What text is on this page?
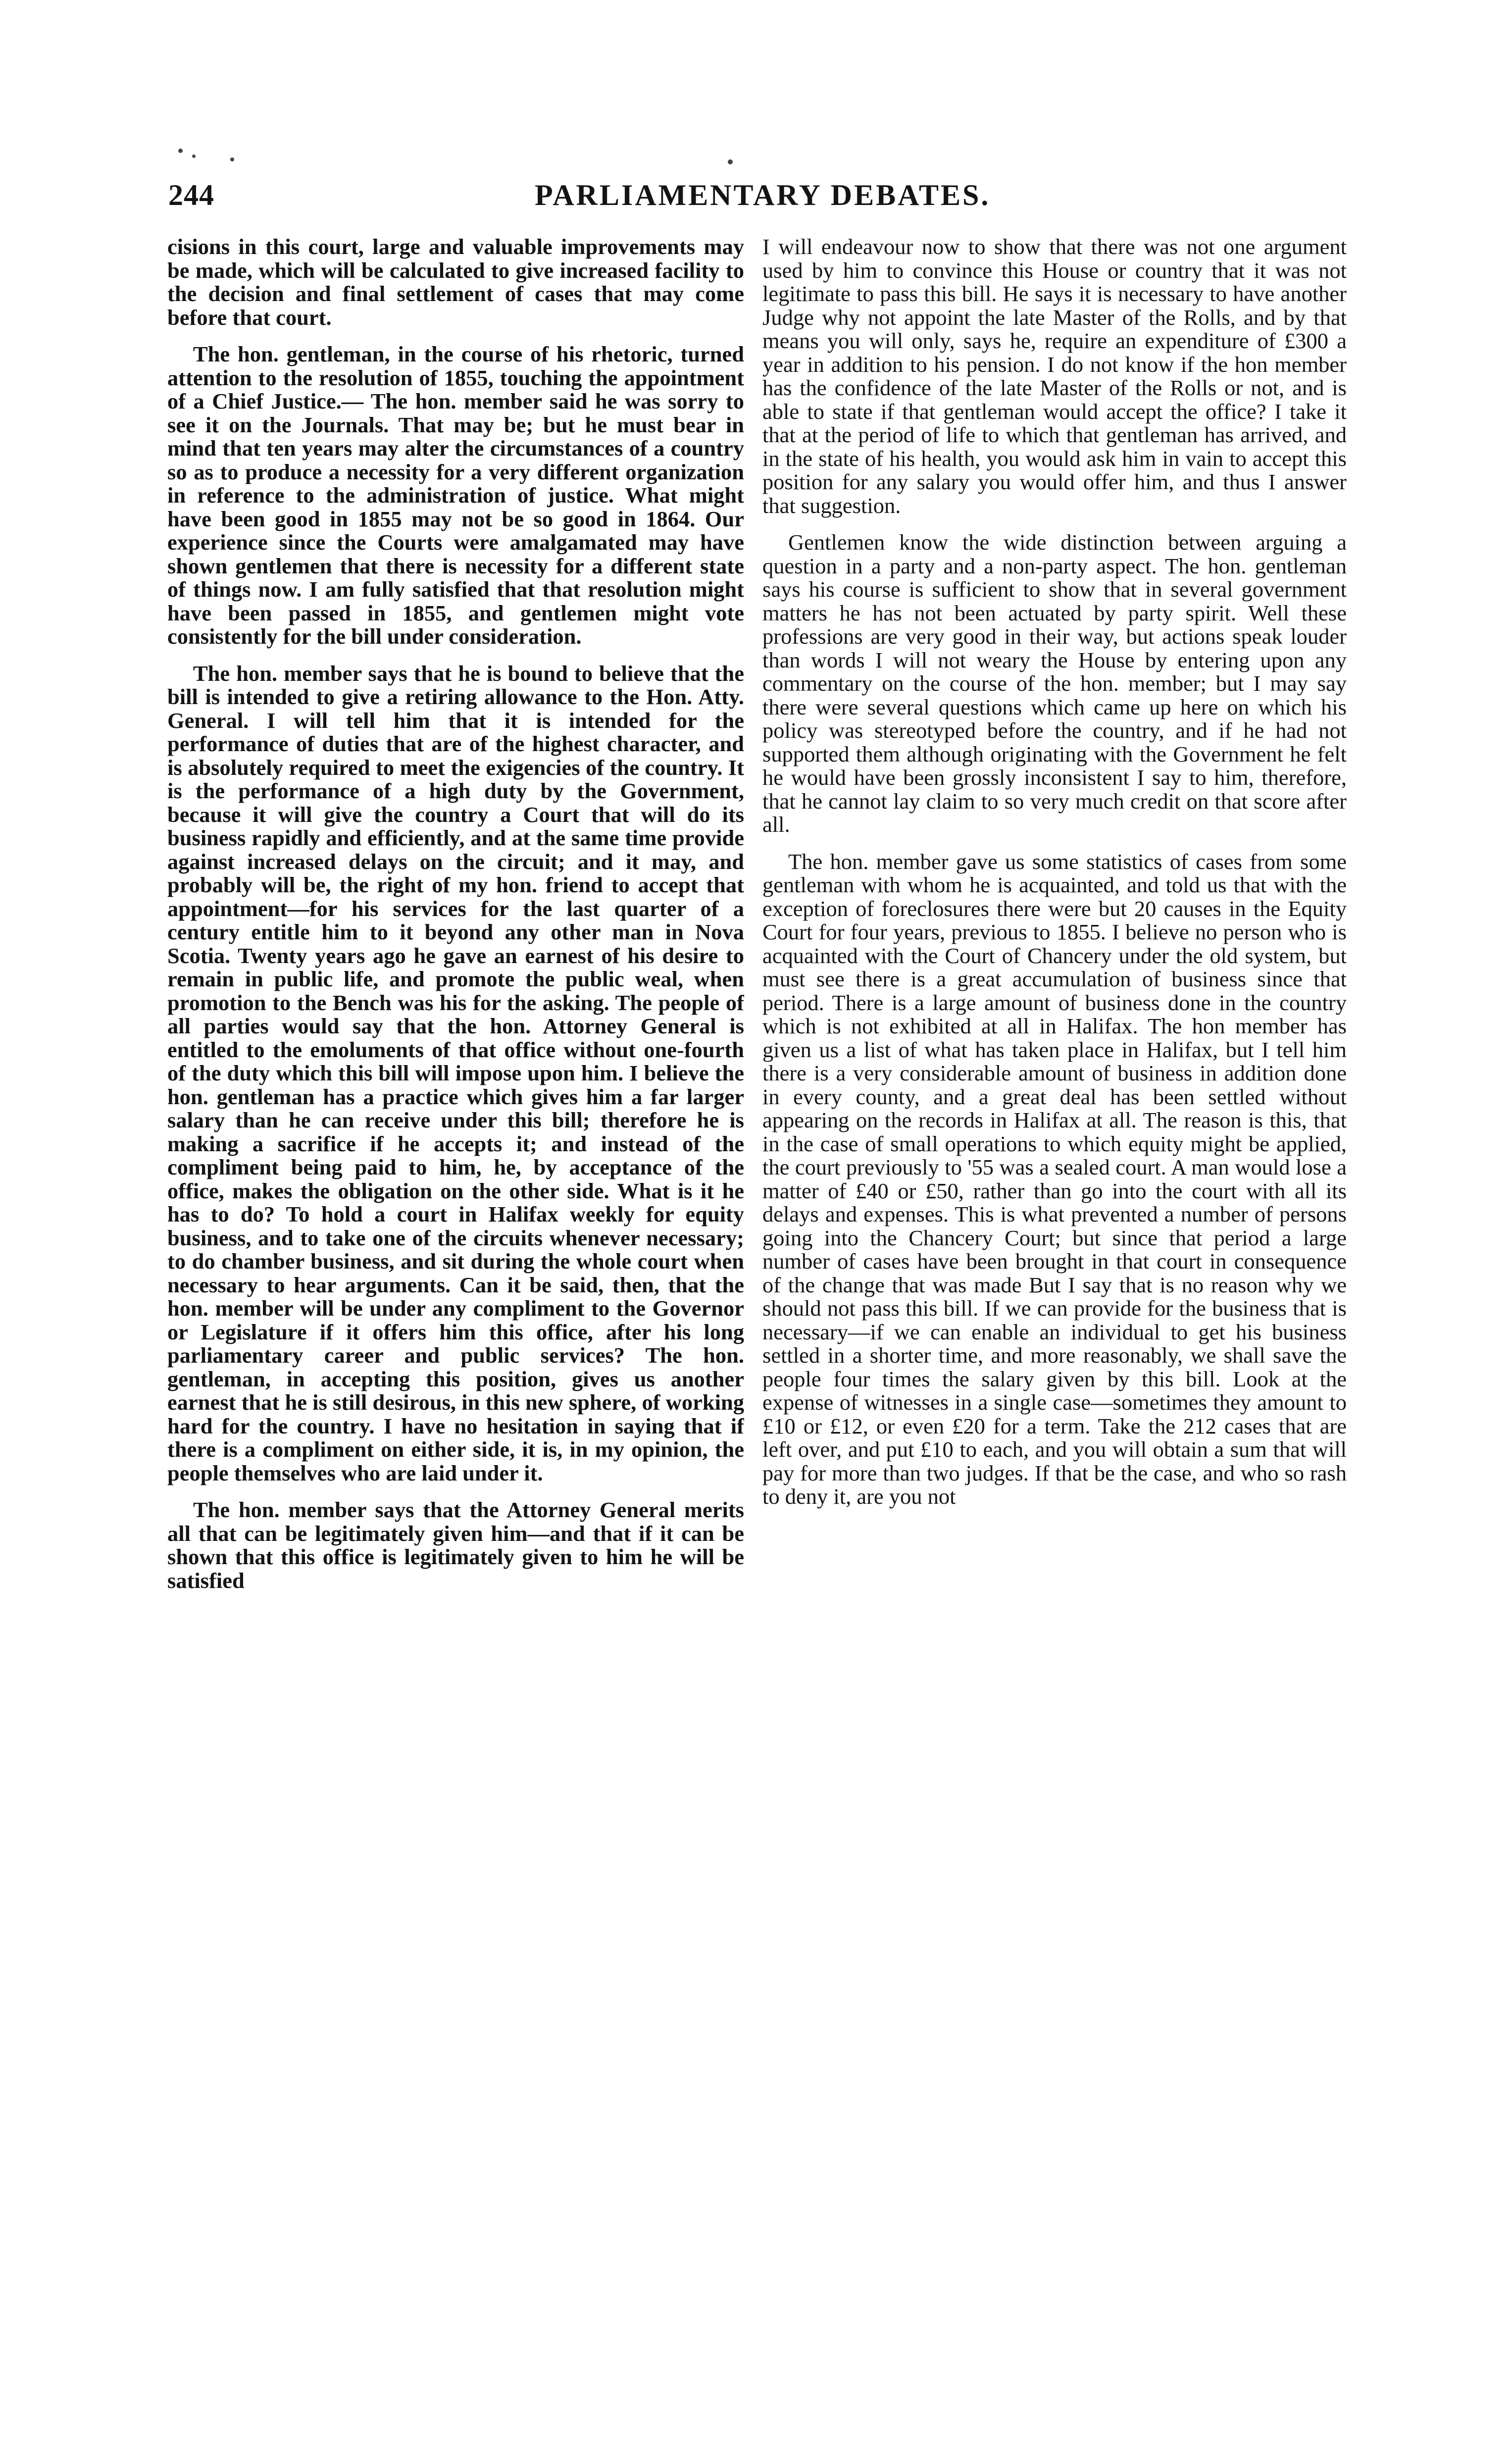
244	PARLIAMENTARY DEBATES.

cisions in this court, large and valuable improvements may be made, which will be calculated to give increased facility to the decision and final settlement of cases that may come before that court.

The hon. gentleman, in the course of his rhetoric, turned attention to the resolution of 1855, touching the appointment of a Chief Justice.— The hon. member said he was sorry to see it on the Journals. That may be; but he must bear in mind that ten years may alter the circumstances of a country so as to produce a necessity for a very different organization in reference to the administration of justice. What might have been good in 1855 may not be so good in 1864. Our experience since the Courts were amalgamated may have shown gentlemen that there is necessity for a different state of things now. I am fully satisfied that that resolution might have been passed in 1855, and gentlemen might vote consistently for the bill under consideration.

The hon. member says that he is bound to believe that the bill is intended to give a retiring allowance to the Hon. Atty. General. I will tell him that it is intended for the performance of duties that are of the highest character, and is absolutely required to meet the exigencies of the country. It is the performance of a high duty by the Government, because it will give the country a Court that will do its business rapidly and efficiently, and at the same time provide against increased delays on the circuit; and it may, and probably will be, the right of my hon. friend to accept that appointment—for his services for the last quarter of a century entitle him to it beyond any other man in Nova Scotia. Twenty years ago he gave an earnest of his desire to remain in public life, and promote the public weal, when promotion to the Bench was his for the asking. The people of all parties would say that the hon. Attorney General is entitled to the emoluments of that office without one-fourth of the duty which this bill will impose upon him. I believe the hon. gentleman has a practice which gives him a far larger salary than he can receive under this bill; therefore he is making a sacrifice if he accepts it; and instead of the compliment being paid to him, he, by acceptance of the office, makes the obligation on the other side. What is it he has to do? To hold a court in Halifax weekly for equity business, and to take one of the circuits whenever necessary; to do chamber business, and sit during the whole court when necessary to hear arguments. Can it be said, then, that the hon. member will be under any compliment to the Governor or Legislature if it offers him this office, after his long parliamentary career and public services? The hon. gentleman, in accepting this position, gives us another earnest that he is still desirous, in this new sphere, of working hard for the country. I have no hesitation in saying that if there is a compliment on either side, it is, in my opinion, the people themselves who are laid under it.

The hon. member says that the Attorney General merits all that can be legitimately given him—and that if it can be shown that this office is legitimately given to him he will be satisfied

I will endeavour now to show that there was not one argument used by him to convince this House or country that it was not legitimate to pass this bill. He says it is necessary to have another Judge why not appoint the late Master of the Rolls, and by that means you will only, says he, require an expenditure of £300 a year in addition to his pension. I do not know if the hon member has the confidence of the late Master of the Rolls or not, and is able to state if that gentleman would accept the office? I take it that at the period of life to which that gentleman has arrived, and in the state of his health, you would ask him in vain to accept this position for any salary you would offer him, and thus I answer that suggestion.

Gentlemen know the wide distinction between arguing a question in a party and a non-party aspect. The hon. gentleman says his course is sufficient to show that in several government matters he has not been actuated by party spirit. Well these professions are very good in their way, but actions speak louder than words I will not weary the House by entering upon any commentary on the course of the hon. member; but I may say there were several questions which came up here on which his policy was stereotyped before the country, and if he had not supported them although originating with the Government he felt he would have been grossly inconsistent I say to him, therefore, that he cannot lay claim to so very much credit on that score after all.

The hon. member gave us some statistics of cases from some gentleman with whom he is acquainted, and told us that with the exception of foreclosures there were but 20 causes in the Equity Court for four years, previous to 1855. I believe no person who is acquainted with the Court of Chancery under the old system, but must see there is a great accumulation of business since that period. There is a large amount of business done in the country which is not exhibited at all in Halifax. The hon member has given us a list of what has taken place in Halifax, but I tell him there is a very considerable amount of business in addition done in every county, and a great deal has been settled without appearing on the records in Halifax at all. The reason is this, that in the case of small operations to which equity might be applied, the court previously to '55 was a sealed court. A man would lose a matter of £40 or £50, rather than go into the court with all its delays and expenses. This is what prevented a number of persons going into the Chancery Court; but since that period a large number of cases have been brought in that court in consequence of the change that was made But I say that is no reason why we should not pass this bill. If we can provide for the business that is necessary—if we can enable an individual to get his business settled in a shorter time, and more reasonably, we shall save the people four times the salary given by this bill. Look at the expense of witnesses in a single case—sometimes they amount to £10 or £12, or even £20 for a term. Take the 212 cases that are left over, and put £10 to each, and you will obtain a sum that will pay for more than two judges. If that be the case, and who so rash to deny it, are you not
